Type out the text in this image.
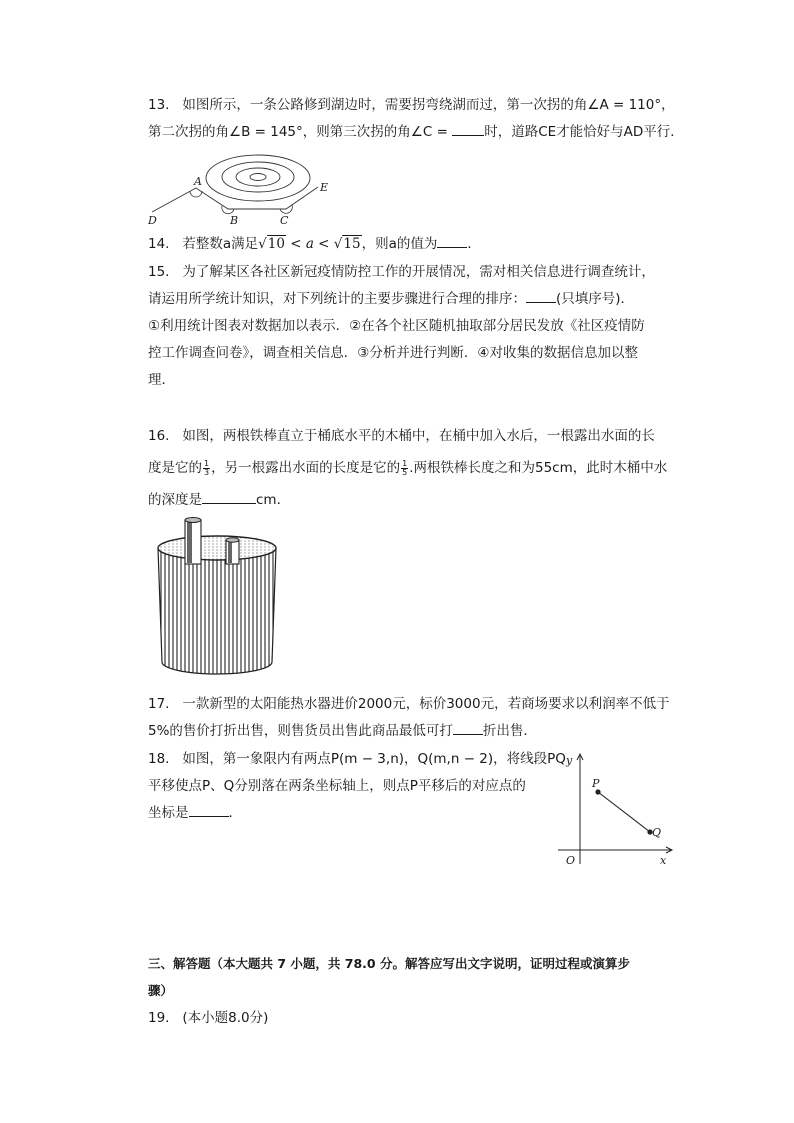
13. 如图所示，一条公路修到湖边时，需要拐弯绕湖而过，第一次拐的角∠A = 110°，
第二次拐的角∠B = 145°，则第三次拐的角∠C = 时，道路CE才能恰好与AD平行．
A
B	C
D
E
14. 若整数a满足√10 < a < √15，则a的值为 ．
15. 为了解某区各社区新冠疫情防控工作的开展情况，需对相关信息进行调查统计，
请运用所学统计知识，对下列统计的主要步骤进行合理的排序： (只填序号)．
①利用统计图表对数据加以表示．②在各个社区随机抽取部分居民发放《社区疫情防
控工作调查问卷》，调查相关信息．③分析并进行判断．④对收集的数据信息加以整
理．
16. 如图，两根铁棒直立于桶底水平的木桶中，在桶中加入水后，一根露出水面的长
度是它的 $\frac{1}{3}$ ，另一根露出水面的长度是它的 $\frac{1}{5}$ .两根铁棒长度之和为55cm，此时木桶中水
的深度是	cm．
17. 一款新型的太阳能热水器进价2000元，标价3000元，若商场要求以利润率不低于
5%的售价打折出售，则售货员出售此商品最低可打 折出售．
18. 如图，第一象限内有两点P(m − 3,n)，Q(m,n − 2)，将线段PQ
平移使点P、Q分别落在两条坐标轴上，则点P平移后的对应点的
坐标是	．
y
x
O
P
Q
三、解答题（本大题共 7 小题，共 78.0 分。解答应写出文字说明，证明过程或演算步
骤）
19. (本小题8.0分)
